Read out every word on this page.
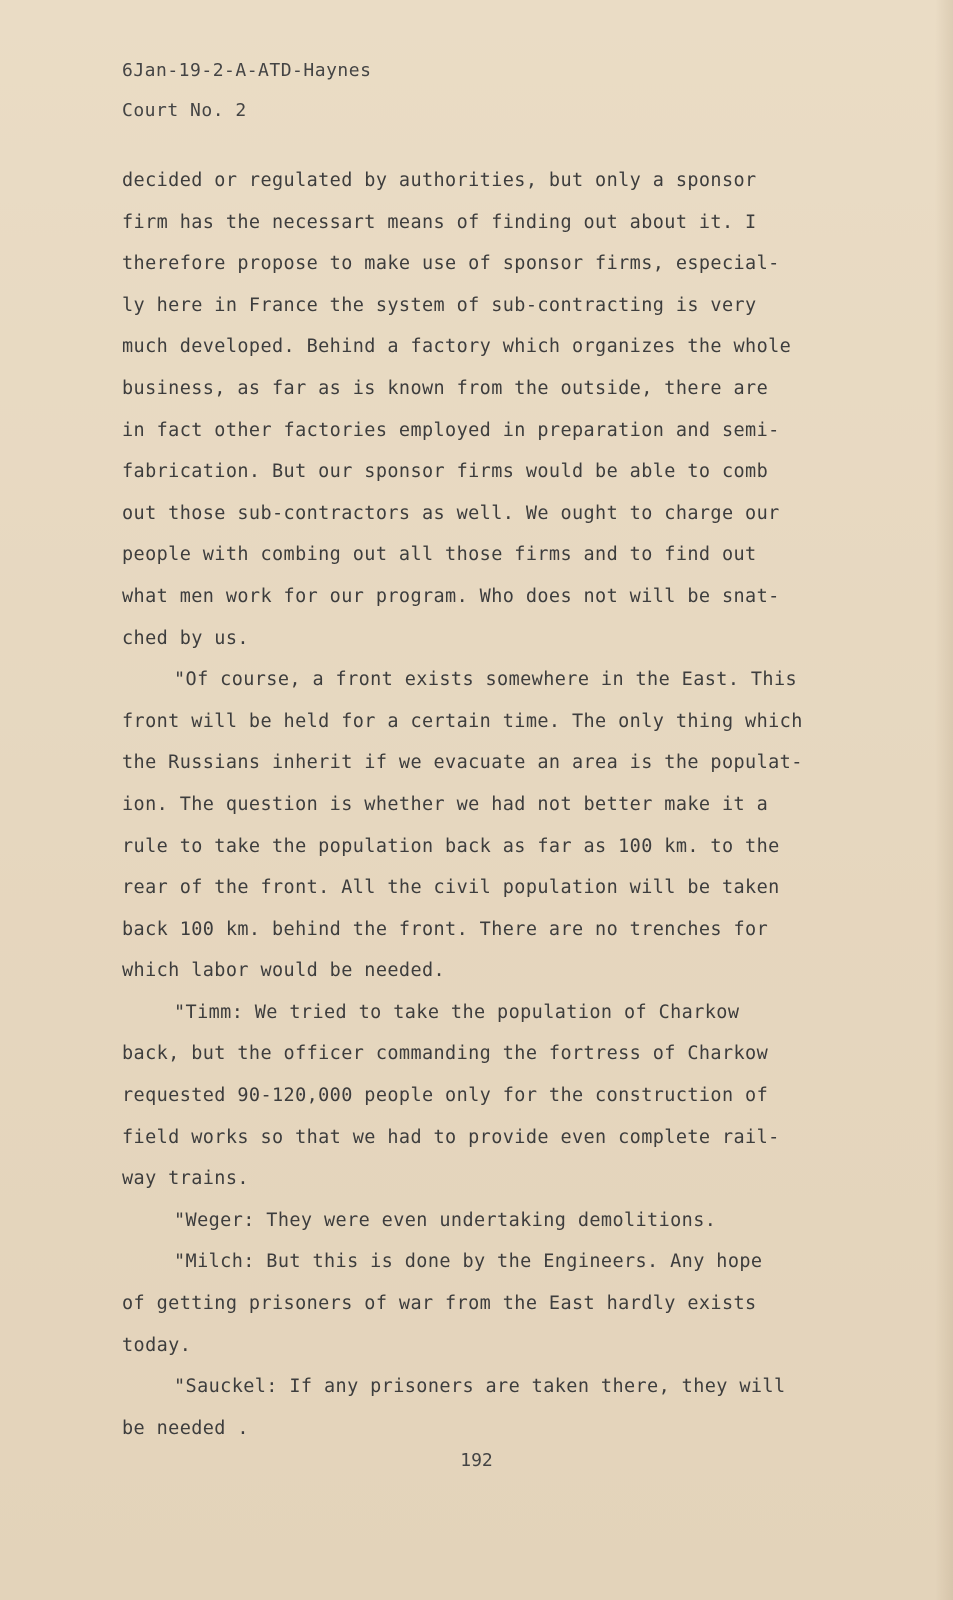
6Jan-19-2-A-ATD-Haynes
Court No. 2
decided or regulated by authorities, but only a sponsor
firm has the necessart means of finding out about it. I
therefore propose to make use of sponsor firms, especial-
ly here in France the system of sub-contracting is very
much developed. Behind a factory which organizes the whole
business, as far as is known from the outside, there are
in fact other factories employed in preparation and semi-
fabrication. But our sponsor firms would be able to comb
out those sub-contractors as well. We ought to charge our
people with combing out all those firms and to find out
what men work for our program. Who does not will be snat-
ched by us.
"Of course, a front exists somewhere in the East. This
front will be held for a certain time. The only thing which
the Russians inherit if we evacuate an area is the populat-
ion. The question is whether we had not better make it a
rule to take the population back as far as 100 km. to the
rear of the front. All the civil population will be taken
back 100 km. behind the front. There are no trenches for
which labor would be needed.
"Timm: We tried to take the population of Charkow
back, but the officer commanding the fortress of Charkow
requested 90-120,000 people only for the construction of
field works so that we had to provide even complete rail-
way trains.
"Weger: They were even undertaking demolitions.
"Milch: But this is done by the Engineers. Any hope
of getting prisoners of war from the East hardly exists
today.
"Sauckel: If any prisoners are taken there, they will
be needed .
192
